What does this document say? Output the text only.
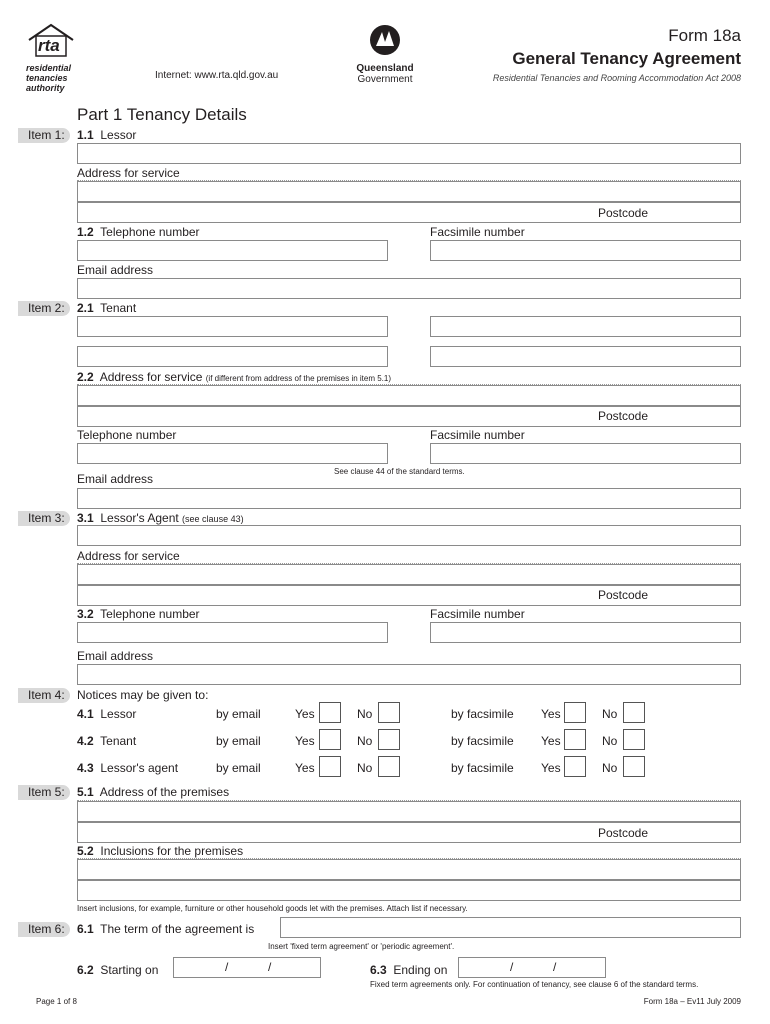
rta
residential
tenancies
authority
Internet: www.rta.qld.gov.au
Queensland
Government
Form 18a
General Tenancy Agreement
Residential Tenancies and Rooming Accommodation Act 2008
Part 1 Tenancy Details
Item 1:	1.1 Lessor
Address for service
Postcode
1.2 Telephone number	Facsimile number
Email address
Item 2:	2.1 Tenant
2.2 Address for service (if different from address of the premises in item 5.1)
Postcode
Telephone number	Facsimile number
See clause 44 of the standard terms.
Email address
Item 3:	3.1 Lessor's Agent (see clause 43)
Address for service
Postcode
3.2 Telephone number	Facsimile number
Email address
Item 4:	Notices may be given to:
4.1 Lessor	by email	Yes	No	by facsimile Yes	No
4.2 Tenant	by email	Yes	No	by facsimile Yes	No
4.3 Lessor's agent	by email	Yes	No	by facsimile Yes	No
Item 5:	5.1 Address of the premises
Postcode
5.2 Inclusions for the premises
Insert inclusions, for example, furniture or other household goods let with the premises. Attach list if necessary.
Item 6:	6.1 The term of the agreement is
Insert 'fixed term agreement' or 'periodic agreement'.
6.2 Starting on	/	/	6.3 Ending on	/	/
Fixed term agreements only. For continuation of tenancy, see clause 6 of the standard terms.
Page 1 of 8	Form 18a – Ev11 July 2009
